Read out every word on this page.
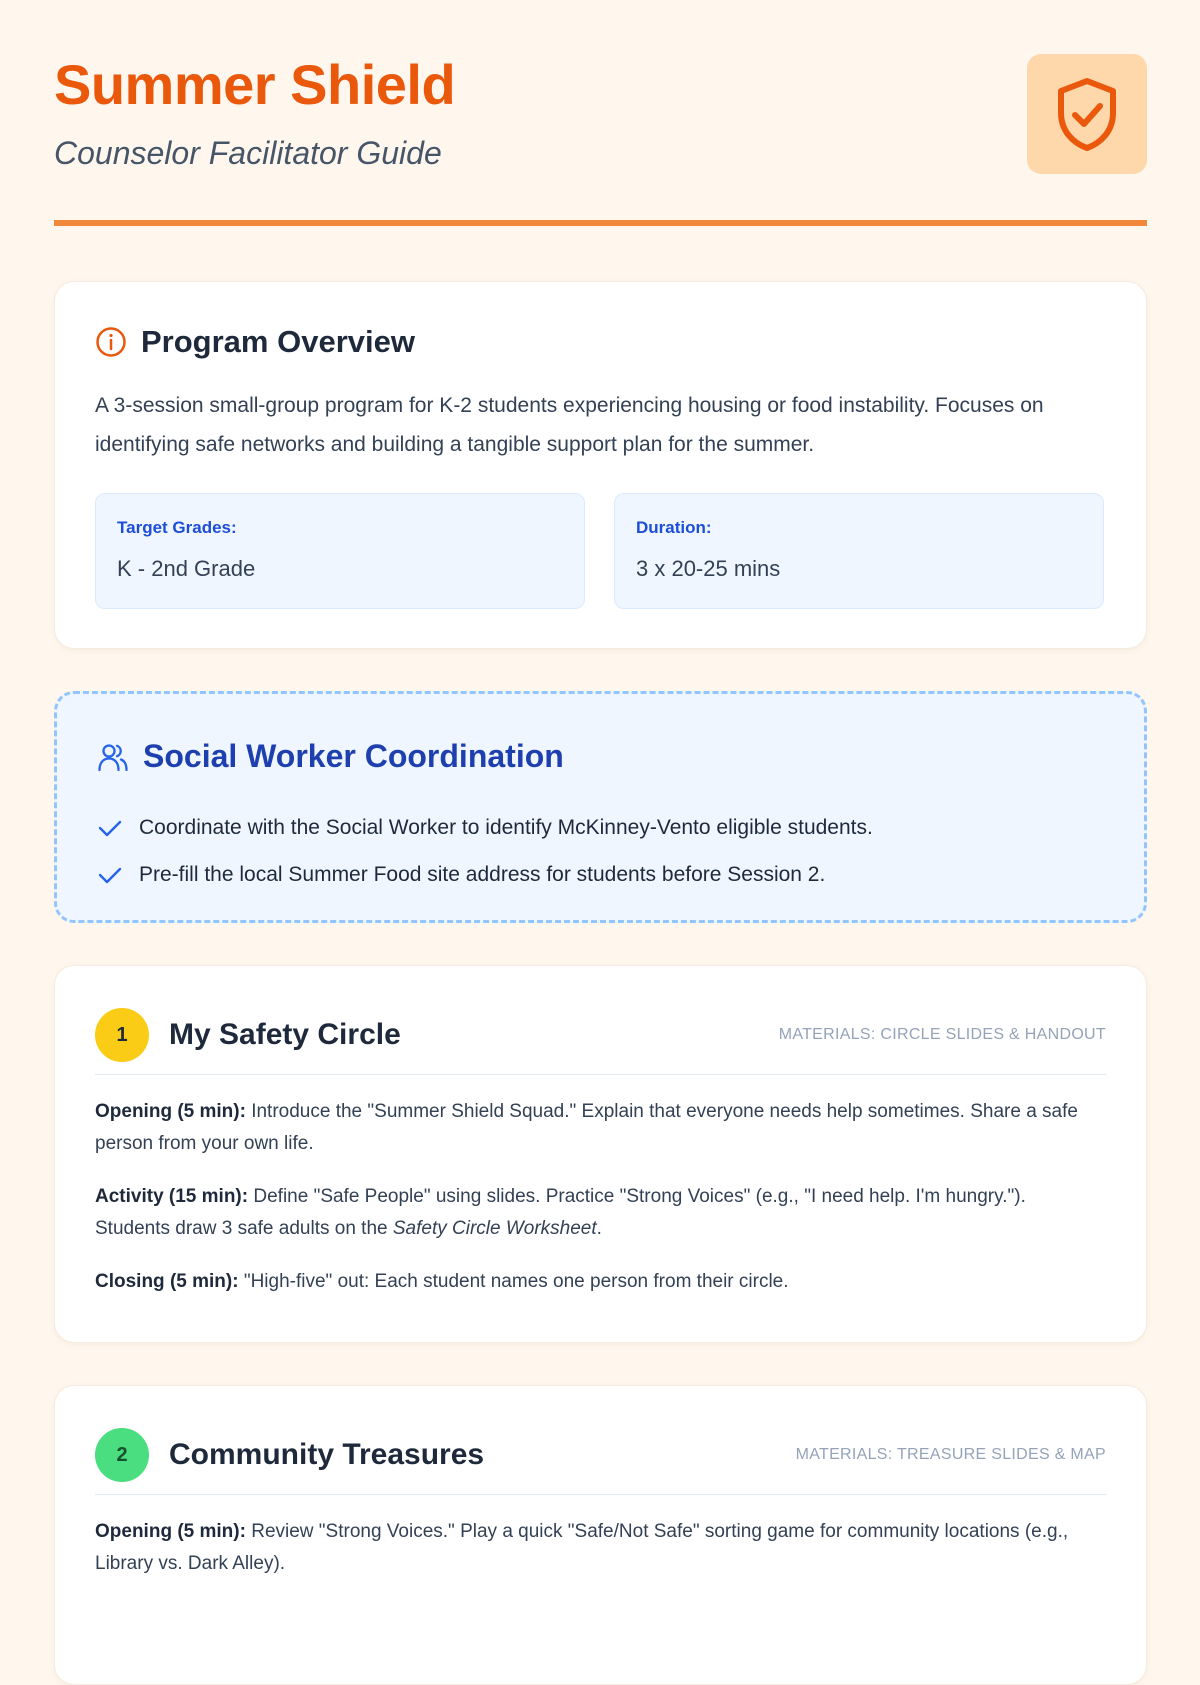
Summer Shield

Counselor Facilitator Guide

Program Overview

A 3-session small-group program for K-2 students experiencing housing or food instability. Focuses on identifying safe networks and building a tangible support plan for the summer.

Target Grades:
K - 2nd Grade
Duration:
3 x 20-25 mins
Social Worker Coordination
Coordinate with the Social Worker to identify McKinney-Vento eligible students.
Pre-fill the local Summer Food site address for students before Session 2.
1	My Safety Circle	MATERIALS: CIRCLE SLIDES & HANDOUT

Opening (5 min): Introduce the "Summer Shield Squad." Explain that everyone needs help sometimes. Share a safe person from your own life.

Activity (15 min): Define "Safe People" using slides. Practice "Strong Voices" (e.g., "I need help. I'm hungry."). Students draw 3 safe adults on the Safety Circle Worksheet.

Closing (5 min): "High-five" out: Each student names one person from their circle.

2	Community Treasures	MATERIALS: TREASURE SLIDES & MAP

Opening (5 min): Review "Strong Voices." Play a quick "Safe/Not Safe" sorting game for community locations (e.g., Library vs. Dark Alley).
